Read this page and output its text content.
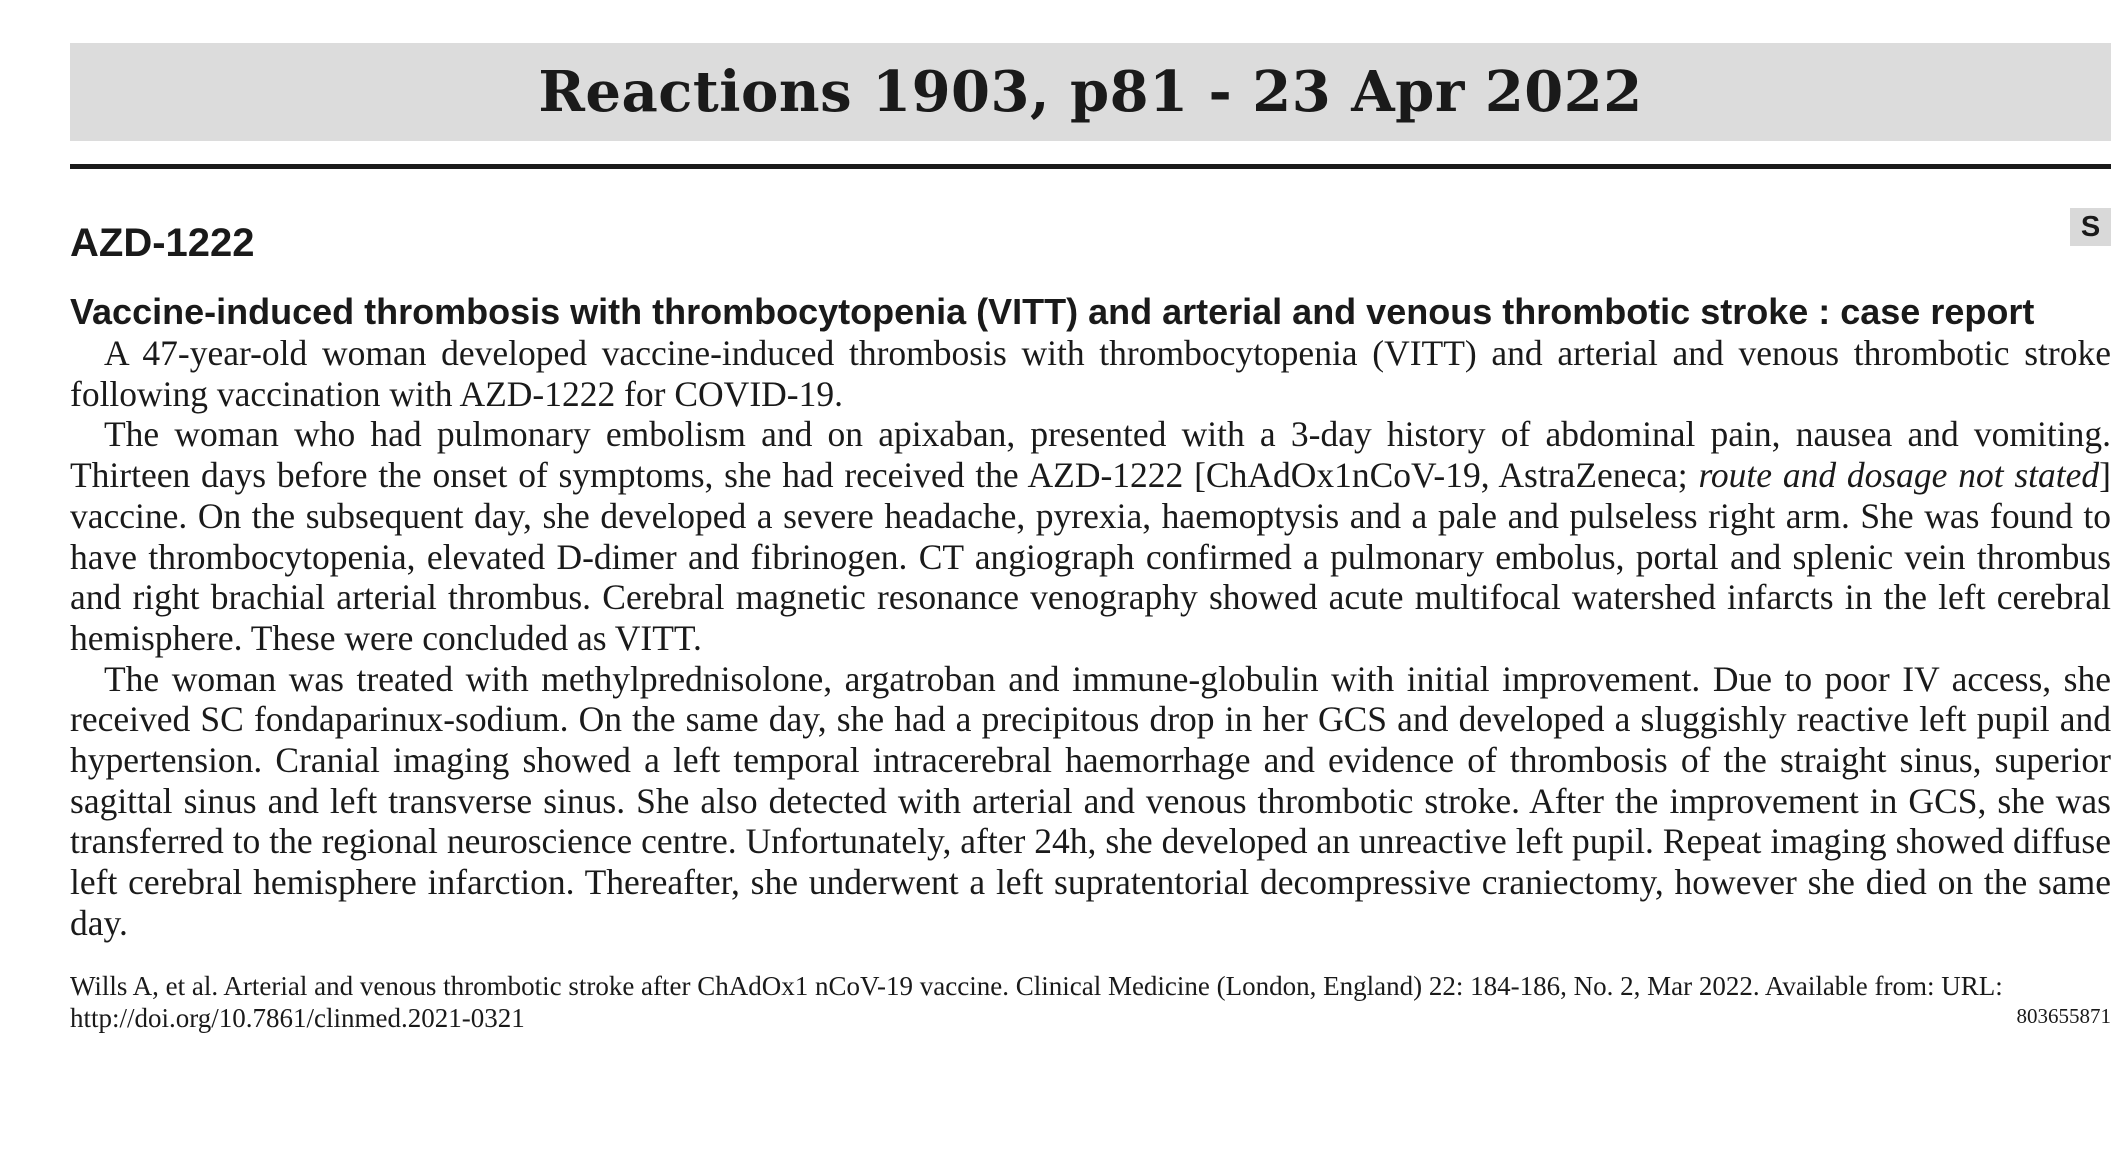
Reactions 1903, p81 - 23 Apr 2022
AZD-1222	S
Vaccine-induced thrombosis with thrombocytopenia (VITT) and arterial and venous thrombotic stroke : case report

A 47-year-old woman developed vaccine-induced thrombosis with thrombocytopenia (VITT) and arterial and venous thrombotic stroke following vaccination with AZD-1222 for COVID-19.

The woman who had pulmonary embolism and on apixaban, presented with a 3-day history of abdominal pain, nausea and vomiting. Thirteen days before the onset of symptoms, she had received the AZD-1222 [ChAdOx1nCoV-19, AstraZeneca; route and dosage not stated] vaccine. On the subsequent day, she developed a severe headache, pyrexia, haemoptysis and a pale and pulseless right arm. She was found to have thrombocytopenia, elevated D-dimer and fibrinogen. CT angiograph confirmed a pulmonary embolus, portal and splenic vein thrombus and right brachial arterial thrombus. Cerebral magnetic resonance venography showed acute multifocal watershed infarcts in the left cerebral hemisphere. These were concluded as VITT.

The woman was treated with methylprednisolone, argatroban and immune-globulin with initial improvement. Due to poor IV access, she received SC fondaparinux-sodium. On the same day, she had a precipitous drop in her GCS and developed a sluggishly reactive left pupil and hypertension. Cranial imaging showed a left temporal intracerebral haemorrhage and evidence of thrombosis of the straight sinus, superior sagittal sinus and left transverse sinus. She also detected with arterial and venous thrombotic stroke. After the improvement in GCS, she was transferred to the regional neuroscience centre. Unfortunately, after 24h, she developed an unreactive left pupil. Repeat imaging showed diffuse left cerebral hemisphere infarction. Thereafter, she underwent a left supratentorial decompressive craniectomy, however she died on the same day.

Wills A, et al. Arterial and venous thrombotic stroke after ChAdOx1 nCoV-19 vaccine. Clinical Medicine (London, England) 22: 184-186, No. 2, Mar 2022. Available from: URL: http://doi.org/10.7861/clinmed.2021-0321	803655871
